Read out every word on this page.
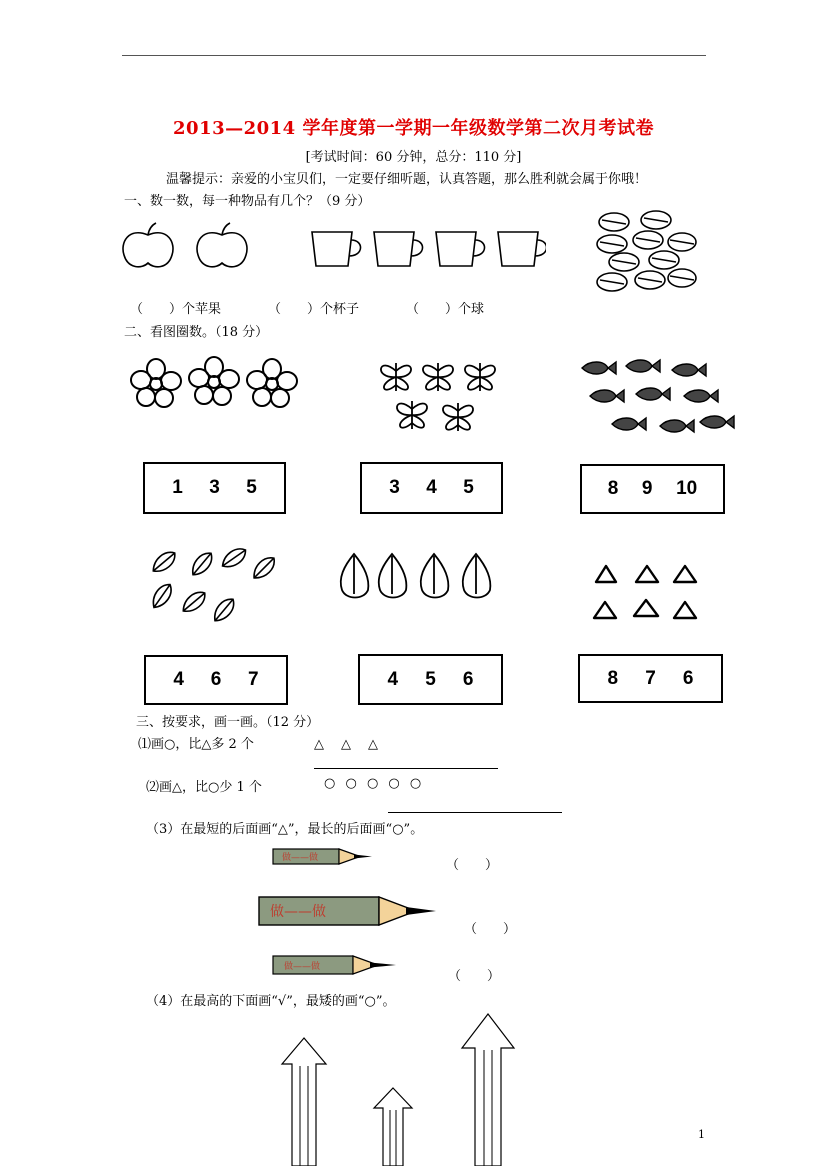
2013—2014 学年度第一学期一年级数学第二次月考试卷
[考试时间：60 分钟，总分：110 分]
温馨提示：亲爱的小宝贝们，一定要仔细听题，认真答题，那么胜利就会属于你哦！
一、数一数，每一种物品有几个？（9 分）
（　　）个苹果	（　　）个杯子	（　　）个球
二、看图圈数。（18 分）
1 3 5	3 4 5	8 9 10
4 6 7	4 5 6	8 7 6
三、按要求，画一画。（12 分）
⑴画○，比△多 2 个	△　△　△
⑵画△，比○少 1 个	○ ○ ○ ○ ○
（3）在最短的后面画“△”，最长的后面画“○”。
做——做	（　　）
做——做
（　　）
做——做
（　　）
（4）在最高的下面画“√”，最矮的画“○”。
1
